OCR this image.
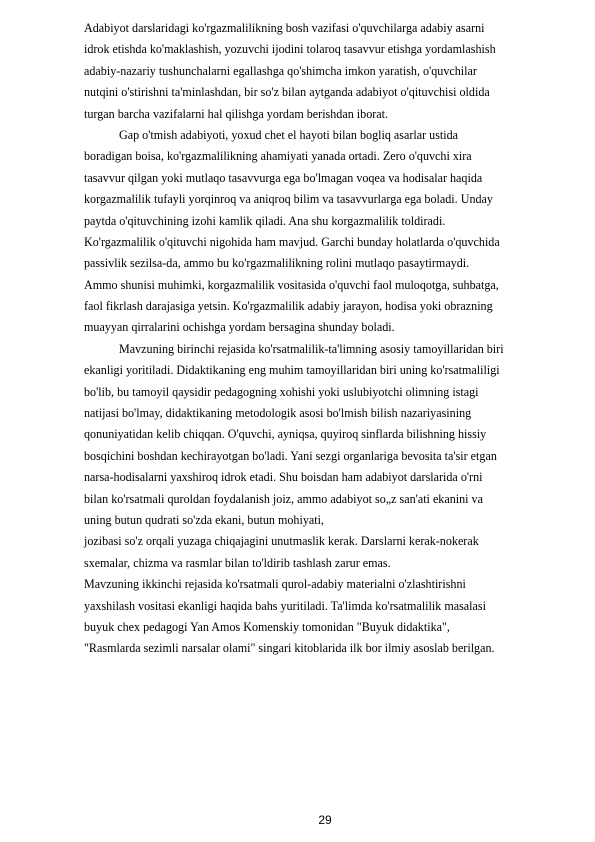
Adabiyot darslaridagi ko'rgazmalilikning bosh vazifasi o'quvchilarga adabiy asarni
idrok etishda ko'maklashish, yozuvchi ijodini tolaroq tasavvur etishga yordamlashish
adabiy-nazariy tushunchalarni egallashga qo'shimcha imkon yaratish, o'quvchilar
nutqini o'stirishni ta'minlashdan, bir so'z bilan aytganda adabiyot o'qituvchisi oldida
turgan barcha vazifalarni hal qilishga yordam berishdan iborat.
Gap o'tmish adabiyoti, yoxud chet el hayoti bilan bogliq asarlar ustida
boradigan boisa, ko'rgazmalilikning ahamiyati yanada ortadi. Zero o'quvchi xira
tasavvur qilgan yoki mutlaqo tasavvurga ega bo'lmagan voqea va hodisalar haqida
korgazmalilik tufayli yorqinroq va aniqroq bilim va tasavvurlarga ega boladi. Unday
paytda o'qituvchining izohi kamlik qiladi. Ana shu korgazmalilik toldiradi.
Ko'rgazmalilik o'qituvchi nigohida ham mavjud. Garchi bunday holatlarda o'quvchida
passivlik sezilsa-da, ammo bu ko'rgazmalilikning rolini mutlaqo pasaytirmaydi.
Ammo shunisi muhimki, korgazmalilik vositasida o'quvchi faol muloqotga, suhbatga,
faol fikrlash darajasiga yetsin. Ko'rgazmalilik adabiy jarayon, hodisa yoki obrazning
muayyan qirralarini ochishga yordam bersagina shunday boladi.
Mavzuning birinchi rejasida ko'rsatmalilik-ta'limning asosiy tamoyillaridan biri
ekanligi yoritiladi. Didaktikaning eng muhim tamoyillaridan biri uning ko'rsatmaliligi
bo'lib, bu tamoyil qaysidir pedagogning xohishi yoki uslubiyotchi olimning istagi
natijasi bo'lmay, didaktikaning metodologik asosi bo'lmish bilish nazariyasining
qonuniyatidan kelib chiqqan. O'quvchi, ayniqsa, quyiroq sinflarda bilishning hissiy
bosqichini boshdan kechirayotgan bo'ladi. Yani sezgi organlariga bevosita ta'sir etgan
narsa-hodisalarni yaxshiroq idrok etadi. Shu boisdan ham adabiyot darslarida o'rni
bilan ko'rsatmali quroldan foydalanish joiz, ammo adabiyot so„z san'ati ekanini va
uning butun qudrati so'zda ekani, butun mohiyati,
jozibasi so'z orqali yuzaga chiqajagini unutmaslik kerak. Darslarni kerak-nokerak
sxemalar, chizma va rasmlar bilan to'ldirib tashlash zarur emas.
Mavzuning ikkinchi rejasida ko'rsatmali qurol-adabiy materialni o'zlashtirishni
yaxshilash vositasi ekanligi haqida bahs yuritiladi. Ta'limda ko'rsatmalilik masalasi
buyuk chex pedagogi Yan Amos Komenskiy tomonidan "Buyuk didaktika",
"Rasmlarda sezimli narsalar olami" singari kitoblarida ilk bor ilmiy asoslab berilgan.
29
